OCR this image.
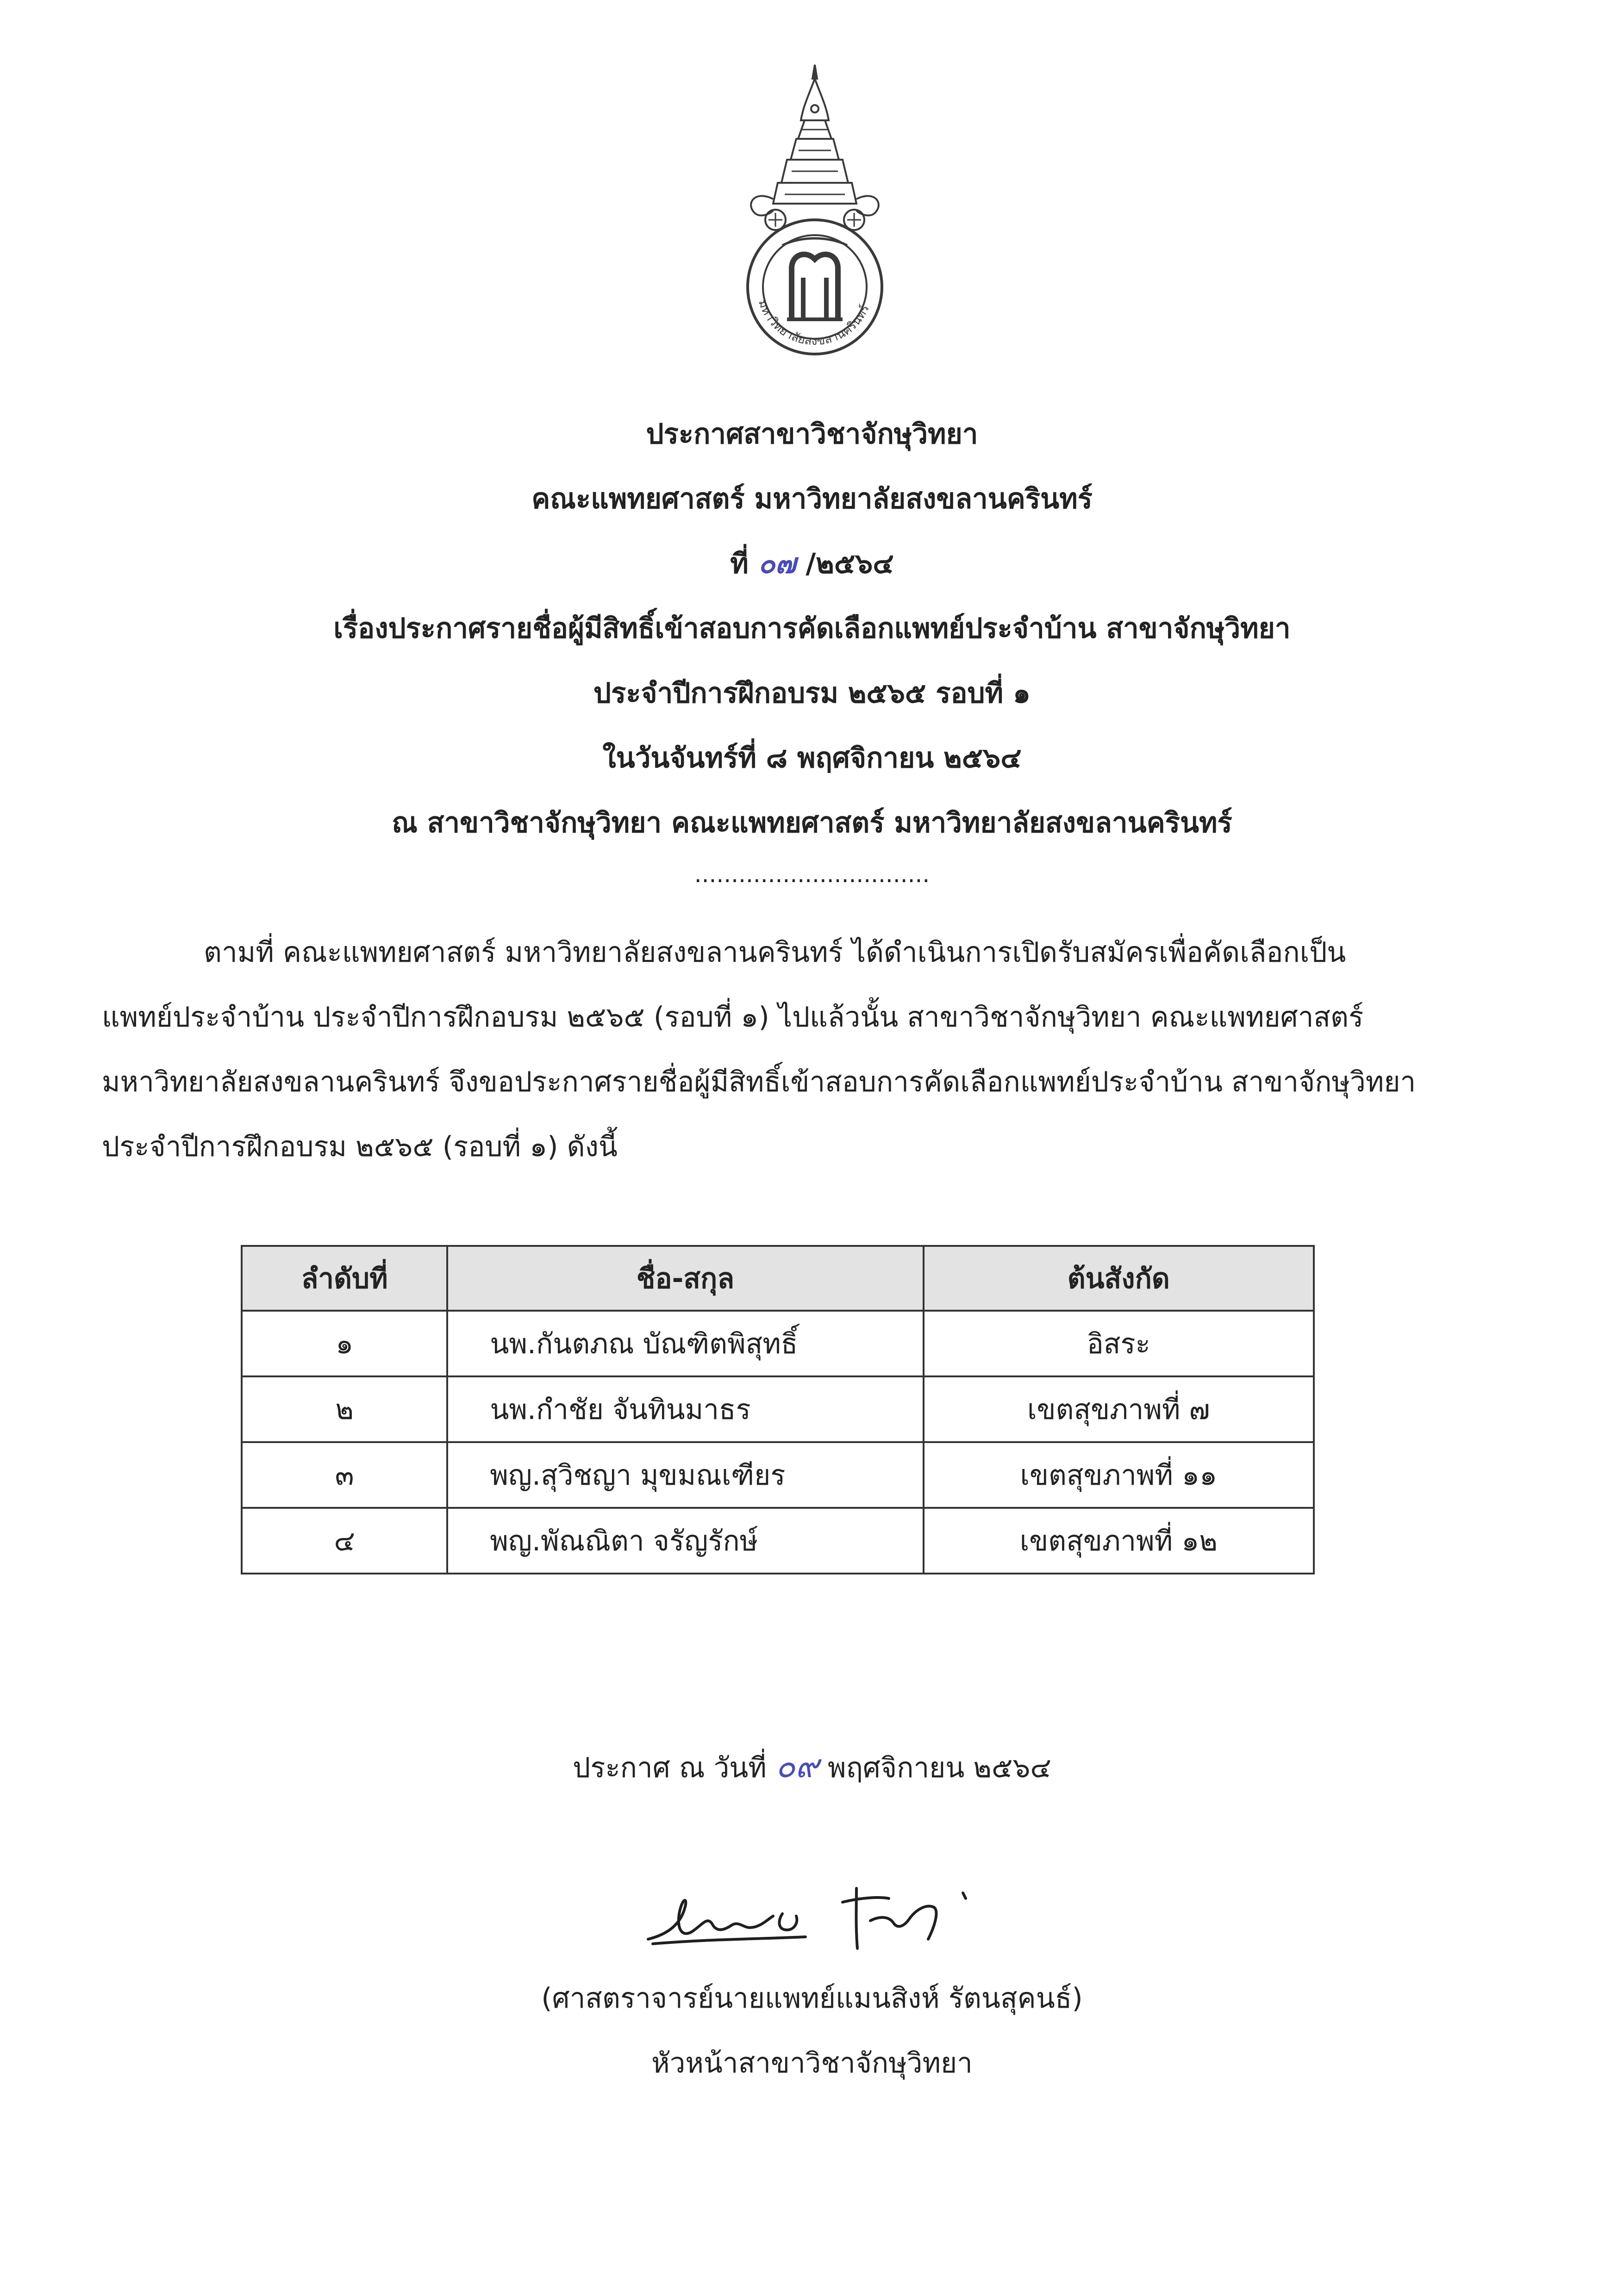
มหาวิทยาลัยสงขลานครินทร์
ประกาศสาขาวิชาจักษุวิทยา
คณะแพทยศาสตร์ มหาวิทยาลัยสงขลานครินทร์
ที่ ๐๗ /๒๕๖๔
เรื่องประกาศรายชื่อผู้มีสิทธิ์เข้าสอบการคัดเลือกแพทย์ประจำบ้าน สาขาจักษุวิทยา
ประจำปีการฝึกอบรม ๒๕๖๕ รอบที่ ๑
ในวันจันทร์ที่ ๘ พฤศจิกายน ๒๕๖๔
ณ สาขาวิชาจักษุวิทยา คณะแพทยศาสตร์ มหาวิทยาลัยสงขลานครินทร์
................................
ตามที่ คณะแพทยศาสตร์ มหาวิทยาลัยสงขลานครินทร์ ได้ดำเนินการเปิดรับสมัครเพื่อคัดเลือกเป็น
แพทย์ประจำบ้าน ประจำปีการฝึกอบรม ๒๕๖๕ (รอบที่ ๑) ไปแล้วนั้น สาขาวิชาจักษุวิทยา คณะแพทยศาสตร์
มหาวิทยาลัยสงขลานครินทร์ จึงขอประกาศรายชื่อผู้มีสิทธิ์เข้าสอบการคัดเลือกแพทย์ประจำบ้าน สาขาจักษุวิทยา
ประจำปีการฝึกอบรม ๒๕๖๕ (รอบที่ ๑) ดังนี้
ลำดับที่	ชื่อ-สกุล	ต้นสังกัด
๑	นพ.กันตภณ บัณฑิตพิสุทธิ์	อิสระ
๒	นพ.กำชัย จันทินมาธร	เขตสุขภาพที่ ๗
๓	พญ.สุวิชญา มุขมณเฑียร	เขตสุขภาพที่ ๑๑
๔	พญ.พัณณิตา จรัญรักษ์	เขตสุขภาพที่ ๑๒
ประกาศ ณ วันที่ ๐๙ พฤศจิกายน ๒๕๖๔
(ศาสตราจารย์นายแพทย์แมนสิงห์ รัตนสุคนธ์)
หัวหน้าสาขาวิชาจักษุวิทยา
